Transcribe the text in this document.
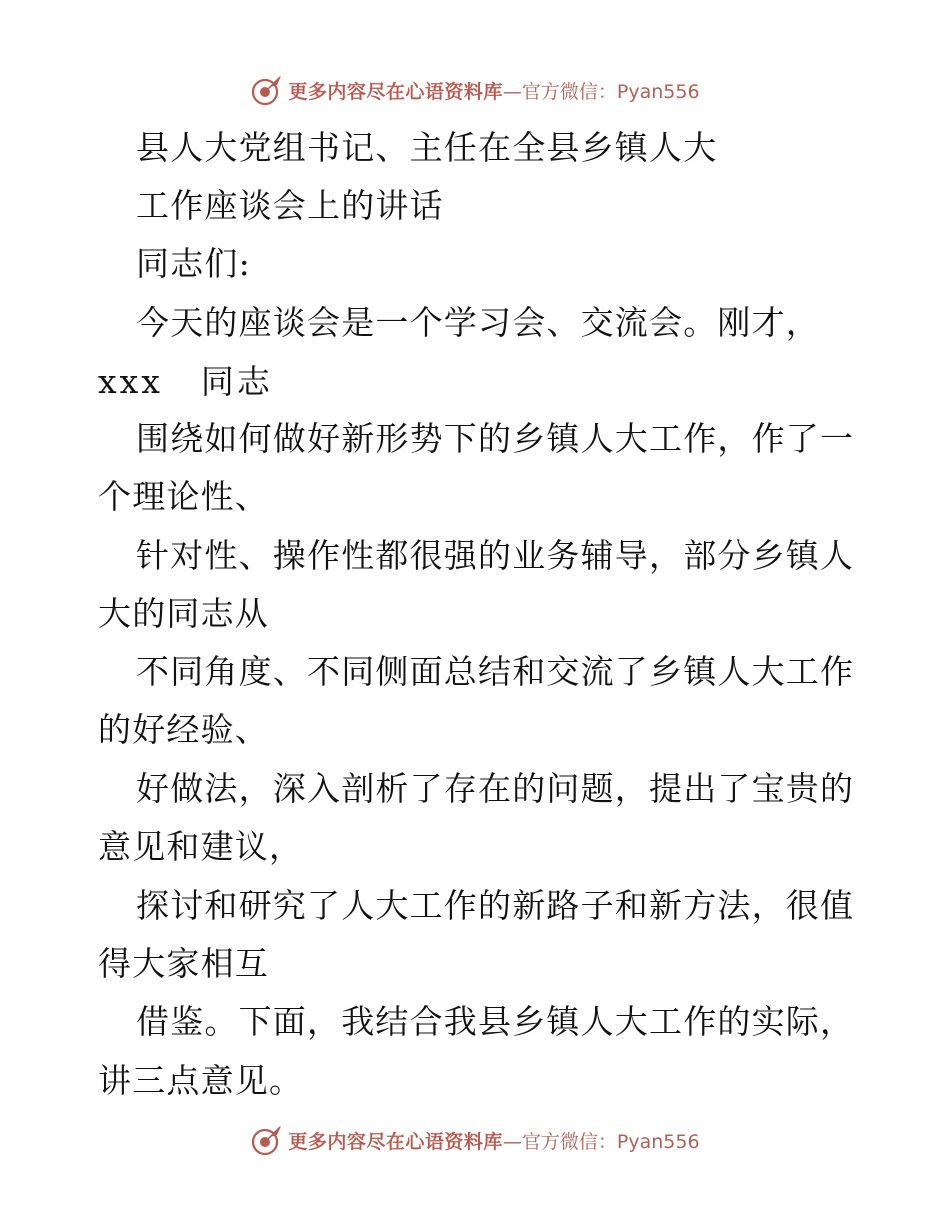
更多内容尽在心语资料库 —官方微信：Pyan556
县人大党组书记、主任在全县乡镇人大
工作座谈会上的讲话
同志们:
今天的座谈会是一个学习会、交流会。刚才，
xxx 同志
围绕如何做好新形势下的乡镇人大工作，作了一
个理论性、
针对性、操作性都很强的业务辅导，部分乡镇人
大的同志从
不同角度、不同侧面总结和交流了乡镇人大工作
的好经验、
好做法，深入剖析了存在的问题，提出了宝贵的
意见和建议，
探讨和研究了人大工作的新路子和新方法，很值
得大家相互
借鉴。下面，我结合我县乡镇人大工作的实际，
讲三点意见。
更多内容尽在心语资料库 —官方微信：Pyan556
